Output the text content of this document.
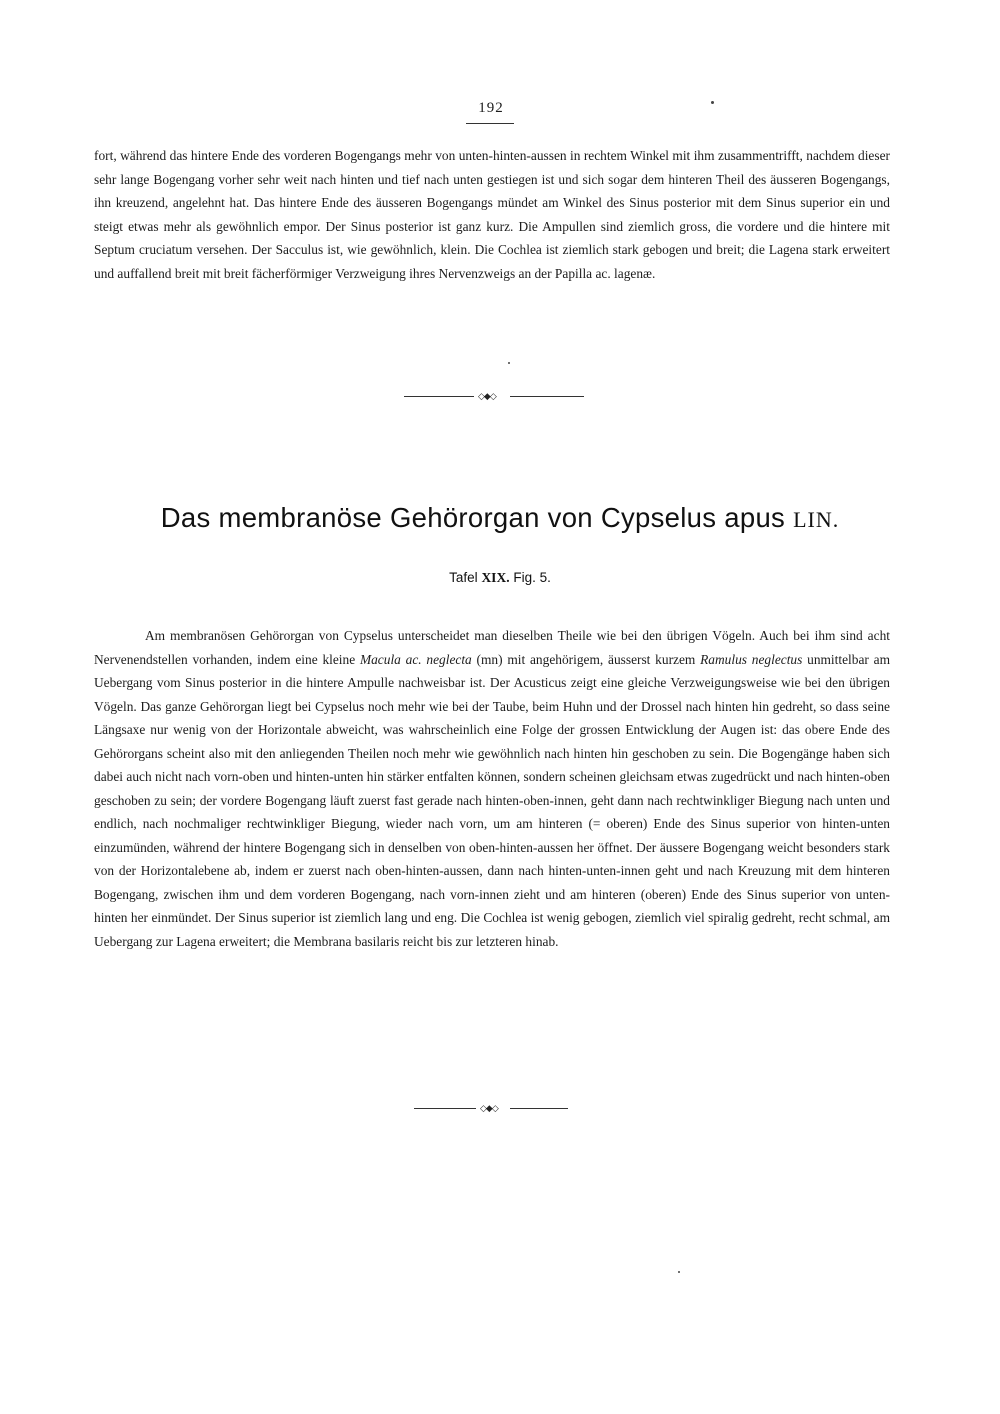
192

fort, während das hintere Ende des vorderen Bogengangs mehr von unten-hinten-aussen in rechtem Winkel mit ihm zusammentrifft, nachdem dieser sehr lange Bogengang vorher sehr weit nach hinten und tief nach unten gestiegen ist und sich sogar dem hinteren Theil des äusseren Bogengangs, ihn kreuzend, angelehnt hat. Das hintere Ende des äusseren Bogengangs mündet am Winkel des Sinus posterior mit dem Sinus superior ein und steigt etwas mehr als gewöhnlich empor. Der Sinus posterior ist ganz kurz. Die Ampullen sind ziemlich gross, die vordere und die hintere mit Septum cruciatum versehen. Der Sacculus ist, wie gewöhnlich, klein. Die Cochlea ist ziemlich stark gebogen und breit; die Lagena stark erweitert und auffallend breit mit breit fächerförmiger Verzweigung ihres Nervenzweigs an der Papilla ac. lagenæ.

◇◆◇
Das membranöse Gehörorgan von Cypselus apus LIN.
Tafel XIX. Fig. 5.

Am membranösen Gehörorgan von Cypselus unterscheidet man dieselben Theile wie bei den übrigen Vögeln. Auch bei ihm sind acht Nervenendstellen vorhanden, indem eine kleine Macula ac. neglecta (mn) mit angehörigem, äusserst kurzem Ramulus neglectus unmittelbar am Uebergang vom Sinus posterior in die hintere Ampulle nachweisbar ist. Der Acusticus zeigt eine gleiche Verzweigungsweise wie bei den übrigen Vögeln. Das ganze Gehörorgan liegt bei Cypselus noch mehr wie bei der Taube, beim Huhn und der Drossel nach hinten hin gedreht, so dass seine Längsaxe nur wenig von der Horizontale abweicht, was wahrscheinlich eine Folge der grossen Entwicklung der Augen ist: das obere Ende des Gehörorgans scheint also mit den anliegenden Theilen noch mehr wie gewöhnlich nach hinten hin geschoben zu sein. Die Bogengänge haben sich dabei auch nicht nach vorn-oben und hinten-unten hin stärker entfalten können, sondern scheinen gleichsam etwas zugedrückt und nach hinten-oben geschoben zu sein; der vordere Bogengang läuft zuerst fast gerade nach hinten-oben-innen, geht dann nach rechtwinkliger Biegung nach unten und endlich, nach nochmaliger rechtwinkliger Biegung, wieder nach vorn, um am hinteren (= oberen) Ende des Sinus superior von hinten-unten einzumünden, während der hintere Bogengang sich in denselben von oben-hinten-aussen her öffnet. Der äussere Bogengang weicht besonders stark von der Horizontalebene ab, indem er zuerst nach oben-hinten-aussen, dann nach hinten-unten-innen geht und nach Kreuzung mit dem hinteren Bogengang, zwischen ihm und dem vorderen Bogengang, nach vorn-innen zieht und am hinteren (oberen) Ende des Sinus superior von unten-hinten her einmündet. Der Sinus superior ist ziemlich lang und eng. Die Cochlea ist wenig gebogen, ziemlich viel spiralig gedreht, recht schmal, am Uebergang zur Lagena erweitert; die Membrana basilaris reicht bis zur letzteren hinab.

◇◆◇
